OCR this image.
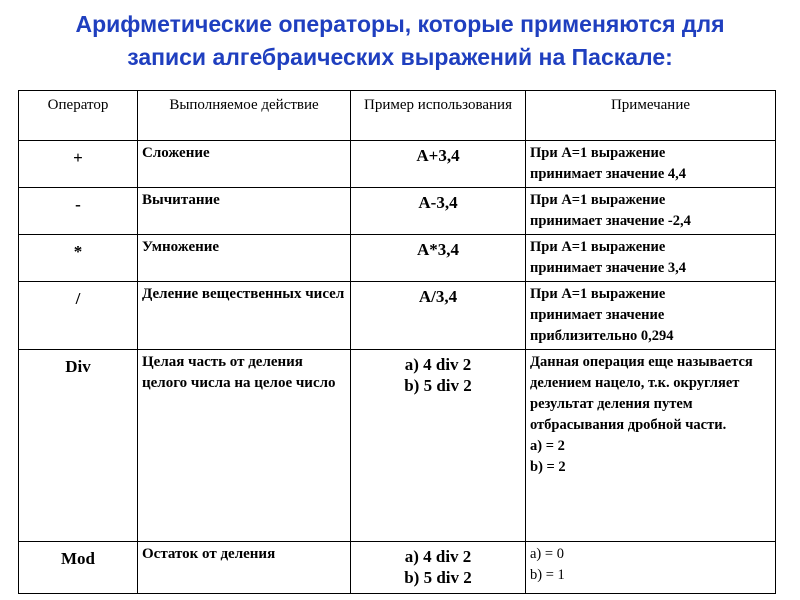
Арифметические операторы, которые применяются для
записи алгебраических выражений на Паскале:
Оператор	Выполняемое действие	Пример использования	Примечание
+	Сложение	A+3,4	При А=1 выражение
принимает значение 4,4

-	Вычитание	A-3,4	При А=1 выражение
принимает значение -2,4

*	Умножение	A*3,4	При А=1 выражение
принимает значение 3,4

/	Деление вещественных чисел	A/3,4	При А=1 выражение
принимает значение
приблизительно 0,294

Div	Целая часть от деления целого числа на целое число	a) 4 div 2
b) 5 div 2	Данная операция еще называется делением нацело, т.к. округляет результат деления путем отбрасывания дробной части.
a) = 2
b) = 2

Mod	Остаток от деления	a) 4 div 2
b) 5 div 2	a) = 0
b) = 1
